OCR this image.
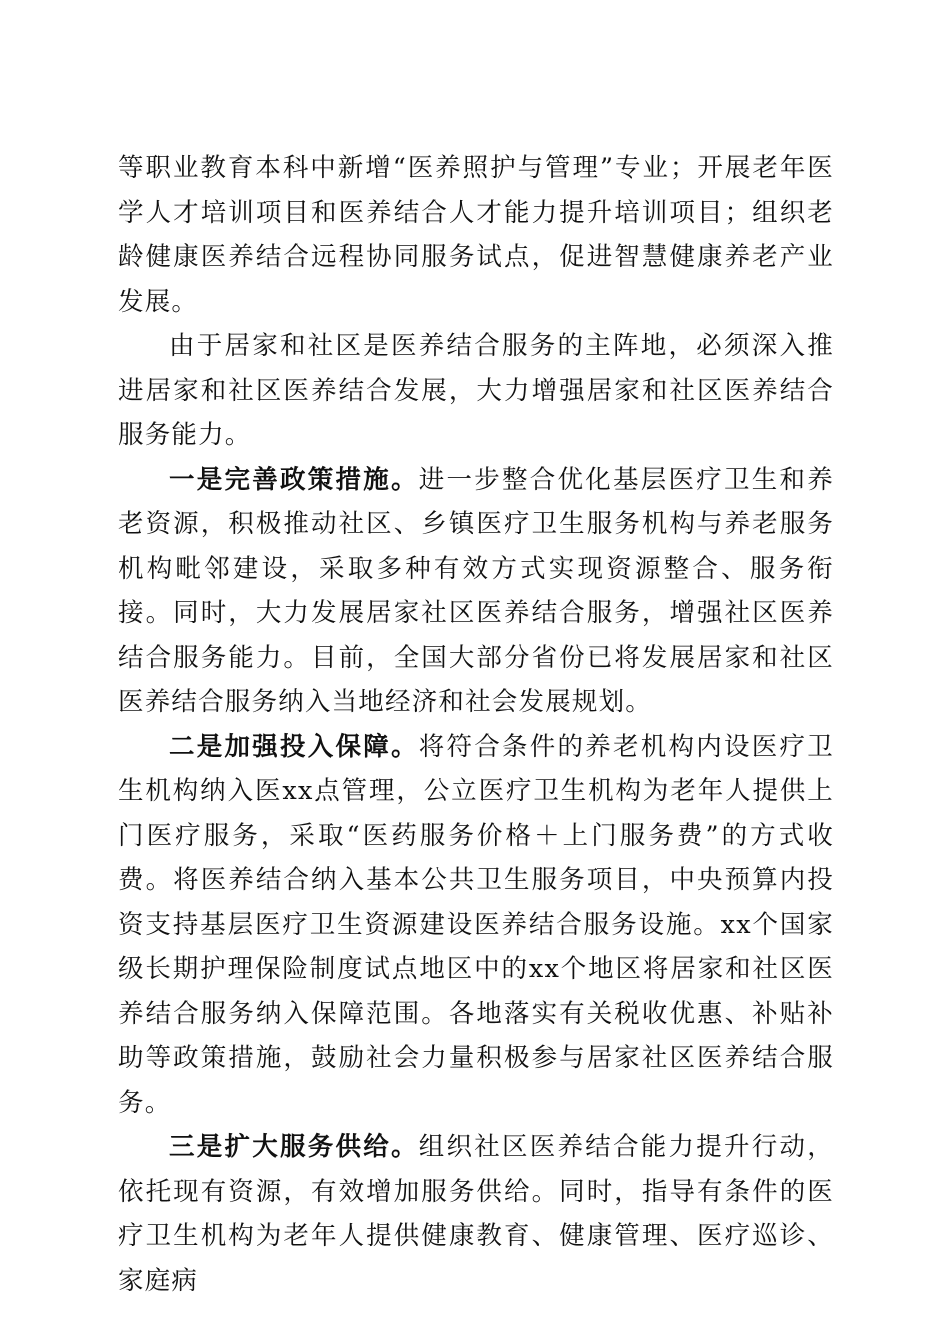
等职业教育本科中新增“医养照护与管理”专业；开展老年医学人才培训项目和医养结合人才能力提升培训项目；组织老龄健康医养结合远程协同服务试点，促进智慧健康养老产业发展。

由于居家和社区是医养结合服务的主阵地，必须深入推进居家和社区医养结合发展，大力增强居家和社区医养结合服务能力。

一是完善政策措施。进一步整合优化基层医疗卫生和养老资源，积极推动社区、乡镇医疗卫生服务机构与养老服务机构毗邻建设，采取多种有效方式实现资源整合、服务衔接。同时，大力发展居家社区医养结合服务，增强社区医养结合服务能力。目前，全国大部分省份已将发展居家和社区医养结合服务纳入当地经济和社会发展规划。

二是加强投入保障。将符合条件的养老机构内设医疗卫生机构纳入医xx点管理，公立医疗卫生机构为老年人提供上门医疗服务，采取“医药服务价格＋上门服务费”的方式收费。将医养结合纳入基本公共卫生服务项目，中央预算内投资支持基层医疗卫生资源建设医养结合服务设施。xx个国家级长期护理保险制度试点地区中的xx个地区将居家和社区医养结合服务纳入保障范围。各地落实有关税收优惠、补贴补助等政策措施，鼓励社会力量积极参与居家社区医养结合服务。

三是扩大服务供给。组织社区医养结合能力提升行动，依托现有资源，有效增加服务供给。同时，指导有条件的医疗卫生机构为老年人提供健康教育、健康管理、医疗巡诊、家庭病
